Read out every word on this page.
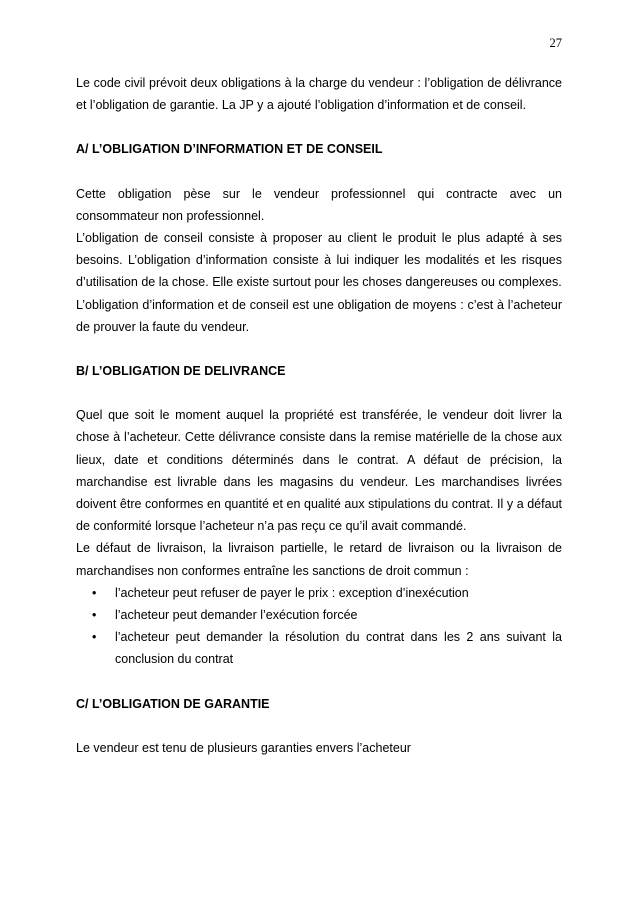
27

Le code civil prévoit deux obligations à la charge du vendeur : l’obligation de délivrance et l’obligation de garantie. La JP y a ajouté l’obligation d’information et de conseil.

A/ L’OBLIGATION D’INFORMATION ET DE CONSEIL

Cette obligation pèse sur le vendeur professionnel qui contracte avec un consommateur non professionnel.

L’obligation de conseil consiste à proposer au client le produit le plus adapté à ses besoins. L’obligation d’information consiste à lui indiquer les modalités et les risques d’utilisation de la chose. Elle existe surtout pour les choses dangereuses ou complexes.

L’obligation d’information et de conseil est une obligation de moyens : c’est à l’acheteur de prouver la faute du vendeur.

B/ L’OBLIGATION DE DELIVRANCE

Quel que soit le moment auquel la propriété est transférée, le vendeur doit livrer la chose à l’acheteur. Cette délivrance consiste dans la remise matérielle de la chose aux lieux, date et conditions déterminés dans le contrat. A défaut de précision, la marchandise est livrable dans les magasins du vendeur. Les marchandises livrées doivent être conformes en quantité et en qualité aux stipulations du contrat. Il y a défaut de conformité lorsque l’acheteur n’a pas reçu ce qu’il avait commandé.

Le défaut de livraison, la livraison partielle, le retard de livraison ou la livraison de marchandises non conformes entraîne les sanctions de droit commun :

• l’acheteur peut refuser de payer le prix : exception d’inexécution
• l’acheteur peut demander l’exécution forcée
• l’acheteur peut demander la résolution du contrat dans les 2 ans suivant la conclusion du contrat

C/ L’OBLIGATION DE GARANTIE

Le vendeur est tenu de plusieurs garanties envers l’acheteur
